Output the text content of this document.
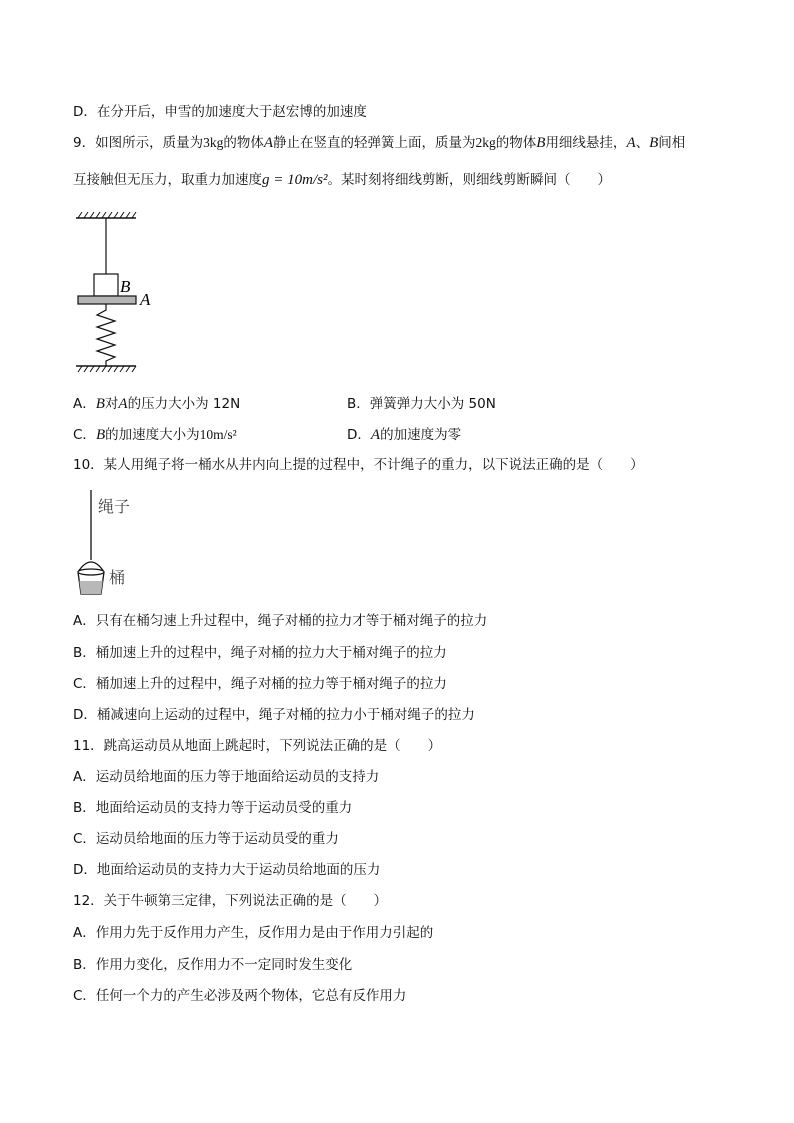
D．在分开后，申雪的加速度大于赵宏博的加速度
9．如图所示，质量为3kg的物体A静止在竖直的轻弹簧上面，质量为2kg的物体B用细线悬挂，A、B间相
互接触但无压力，取重力加速度g = 10m/s²。某时刻将细线剪断，则细线剪断瞬间（　　）
B
A
A．B对A的压力大小为 12N	B．弹簧弹力大小为 50N
C．B的加速度大小为10m/s²	D．A的加速度为零
10．某人用绳子将一桶水从井内向上提的过程中，不计绳子的重力，以下说法正确的是（　　）
绳子
桶
A．只有在桶匀速上升过程中，绳子对桶的拉力才等于桶对绳子的拉力
B．桶加速上升的过程中，绳子对桶的拉力大于桶对绳子的拉力
C．桶加速上升的过程中，绳子对桶的拉力等于桶对绳子的拉力
D．桶减速向上运动的过程中，绳子对桶的拉力小于桶对绳子的拉力
11．跳高运动员从地面上跳起时，下列说法正确的是（　　）
A．运动员给地面的压力等于地面给运动员的支持力
B．地面给运动员的支持力等于运动员受的重力
C．运动员给地面的压力等于运动员受的重力
D．地面给运动员的支持力大于运动员给地面的压力
12．关于牛顿第三定律，下列说法正确的是（　　）
A．作用力先于反作用力产生，反作用力是由于作用力引起的
B．作用力变化，反作用力不一定同时发生变化
C．任何一个力的产生必涉及两个物体，它总有反作用力
